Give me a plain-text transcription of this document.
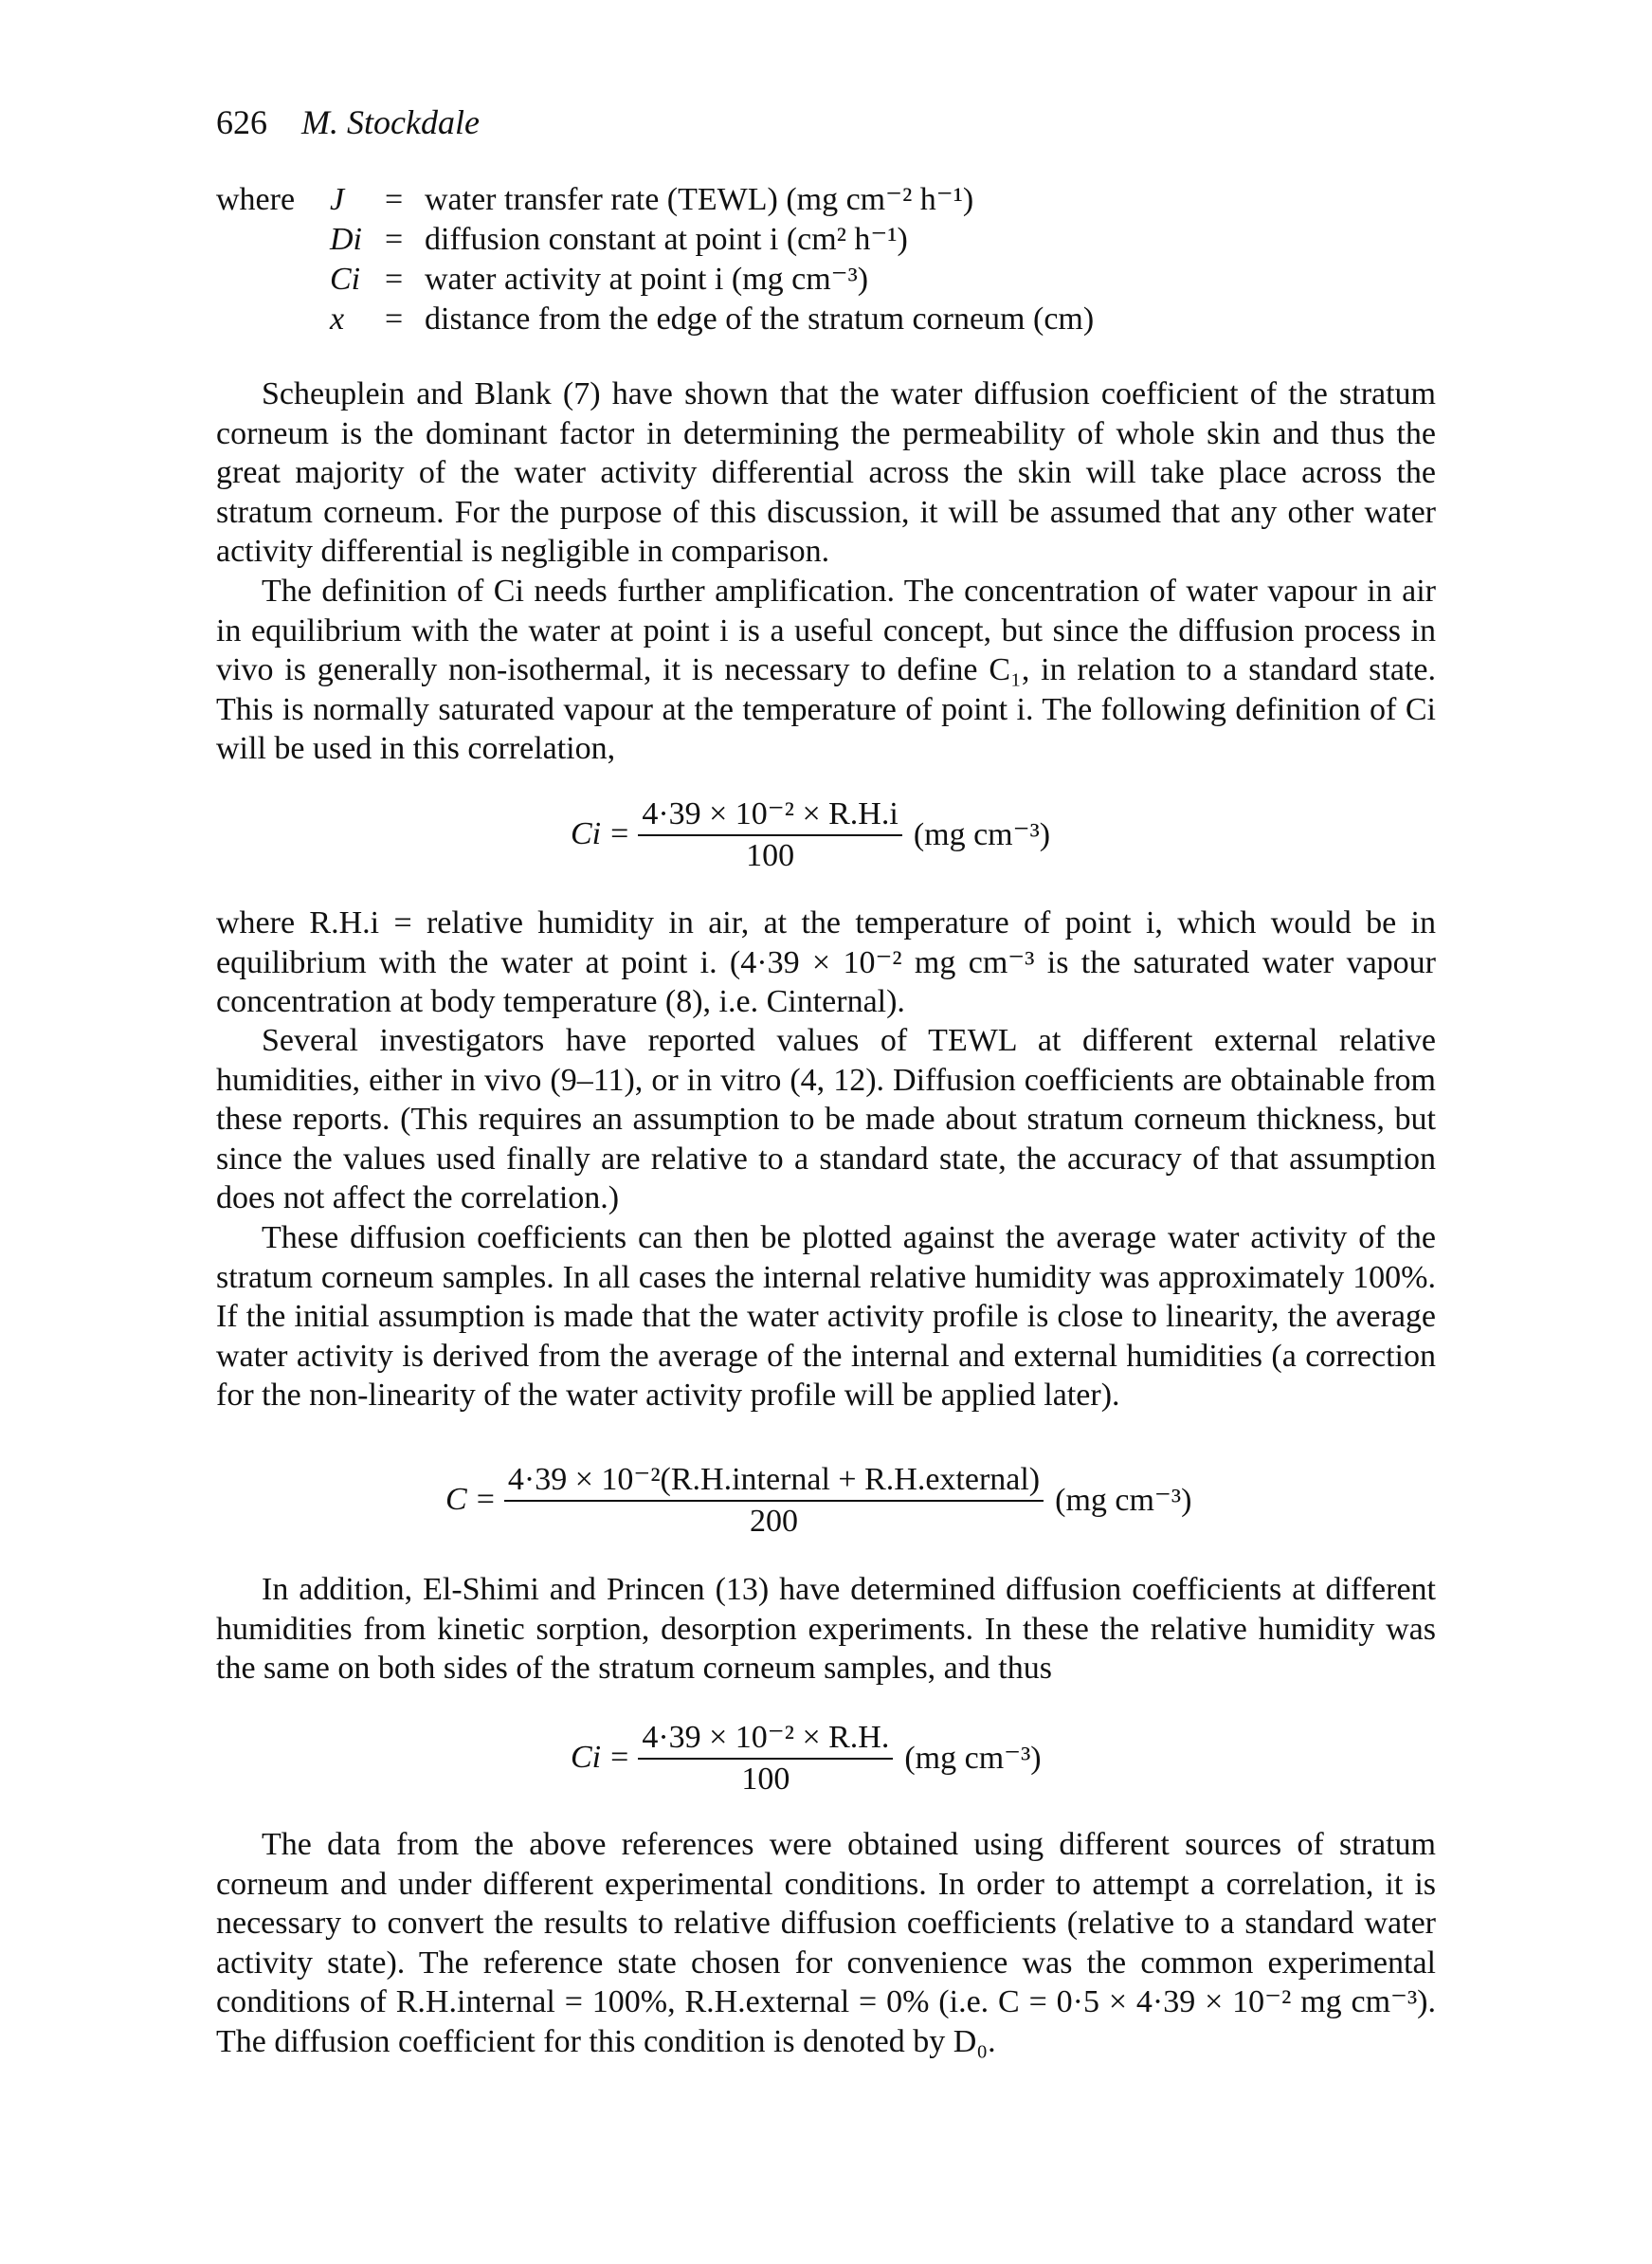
626 M. Stockdale
where	J	=	water transfer rate (TEWL) (mg cm⁻² h⁻¹)
	Di	=	diffusion constant at point i (cm² h⁻¹)
	Ci	=	water activity at point i (mg cm⁻³)
	x	=	distance from the edge of the stratum corneum (cm)

Scheuplein and Blank (7) have shown that the water diffusion coefficient of the stratum corneum is the dominant factor in determining the permeability of whole skin and thus the great majority of the water activity differential across the skin will take place across the stratum corneum. For the purpose of this discussion, it will be assumed that any other water activity differential is negligible in comparison.

The definition of Ci needs further amplification. The concentration of water vapour in air in equilibrium with the water at point i is a useful concept, but since the diffusion process in vivo is generally non-isothermal, it is necessary to define C₁, in relation to a standard state. This is normally saturated vapour at the temperature of point i. The following definition of Ci will be used in this correlation,

$Ci = \frac{\text{4·39 × 10⁻² × R.H.i}}{100} (mg$ cm⁻³)

where R.H.i = relative humidity in air, at the temperature of point i, which would be in equilibrium with the water at point i. (4·39 × 10⁻² mg cm⁻³ is the saturated water vapour concentration at body temperature (8), i.e. Cinternal).

Several investigators have reported values of TEWL at different external relative humidities, either in vivo (9–11), or in vitro (4, 12). Diffusion coefficients are obtainable from these reports. (This requires an assumption to be made about stratum corneum thickness, but since the values used finally are relative to a standard state, the accuracy of that assumption does not affect the correlation.)

These diffusion coefficients can then be plotted against the average water activity of the stratum corneum samples. In all cases the internal relative humidity was approximately 100%. If the initial assumption is made that the water activity profile is close to linearity, the average water activity is derived from the average of the internal and external humidities (a correction for the non-linearity of the water activity profile will be applied later).

$C = \frac{\text{4·39 × 10⁻²(R.H.internal + R.H.external)}}{200} (mg$ cm⁻³)

In addition, El-Shimi and Princen (13) have determined diffusion coefficients at different humidities from kinetic sorption, desorption experiments. In these the relative humidity was the same on both sides of the stratum corneum samples, and thus

$Ci = \frac{\text{4·39 × 10⁻² × R.H.}}{100} (mg$ cm⁻³)

The data from the above references were obtained using different sources of stratum corneum and under different experimental conditions. In order to attempt a correlation, it is necessary to convert the results to relative diffusion coefficients (relative to a standard water activity state). The reference state chosen for convenience was the common experimental conditions of R.H.internal = 100%, R.H.external = 0% (i.e. C = 0·5 × 4·39 × 10⁻² mg cm⁻³). The diffusion coefficient for this condition is denoted by D₀.
